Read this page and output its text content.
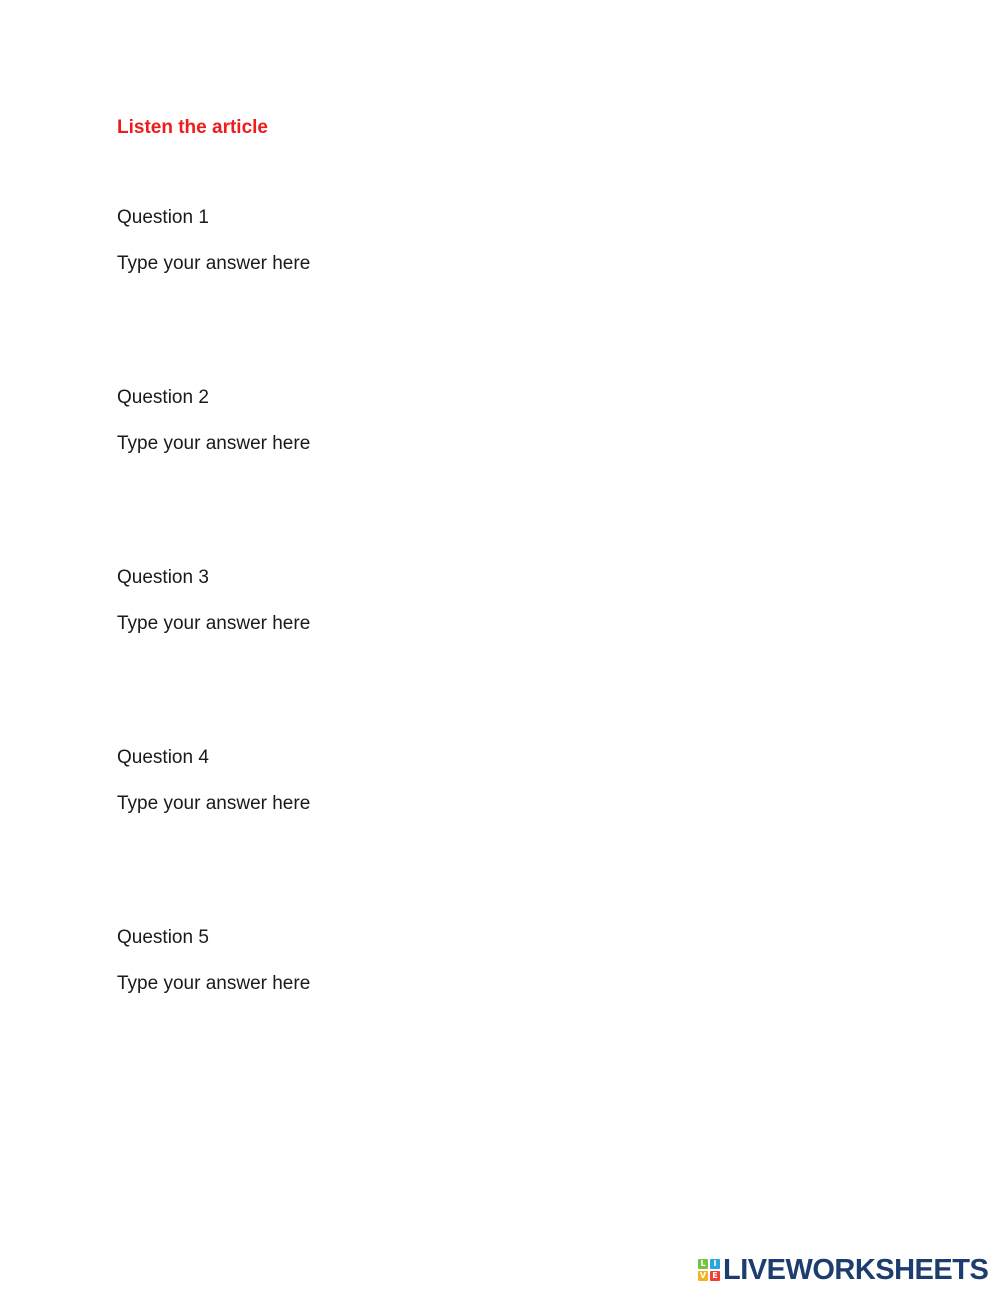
Listen the article

Question 1

Type your answer here

Question 2

Type your answer here

Question 3

Type your answer here

Question 4

Type your answer here

Question 5

Type your answer here
L I
V E LIVEWORKSHEETS
